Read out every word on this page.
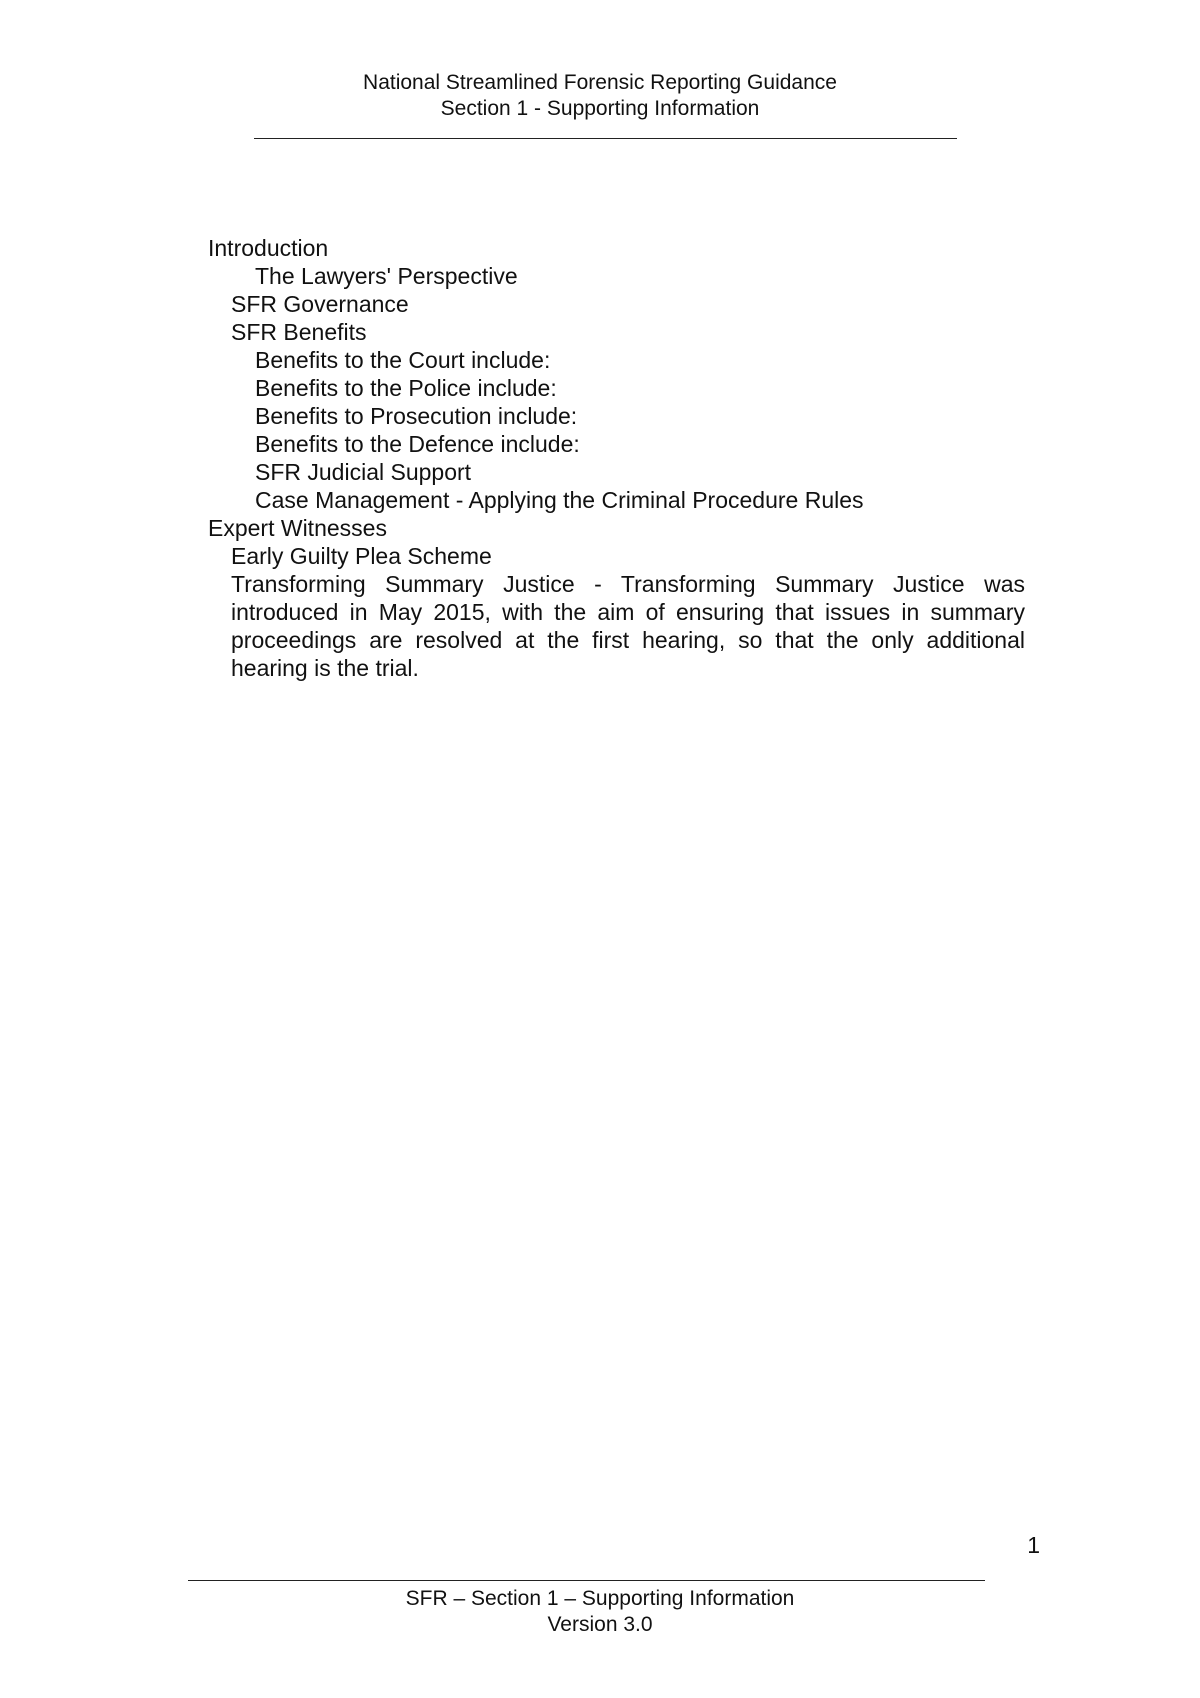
National Streamlined Forensic Reporting Guidance
Section 1 - Supporting Information
Introduction
The Lawyers' Perspective
SFR Governance
SFR Benefits
Benefits to the Court include:
Benefits to the Police include:
Benefits to Prosecution include:
Benefits to the Defence include:
SFR Judicial Support
Case Management - Applying the Criminal Procedure Rules
Expert Witnesses
Early Guilty Plea Scheme
Transforming Summary Justice - Transforming Summary Justice was introduced in May 2015, with the aim of ensuring that issues in summary proceedings are resolved at the first hearing, so that the only additional hearing is the trial.
1
SFR – Section 1 – Supporting Information
Version 3.0
